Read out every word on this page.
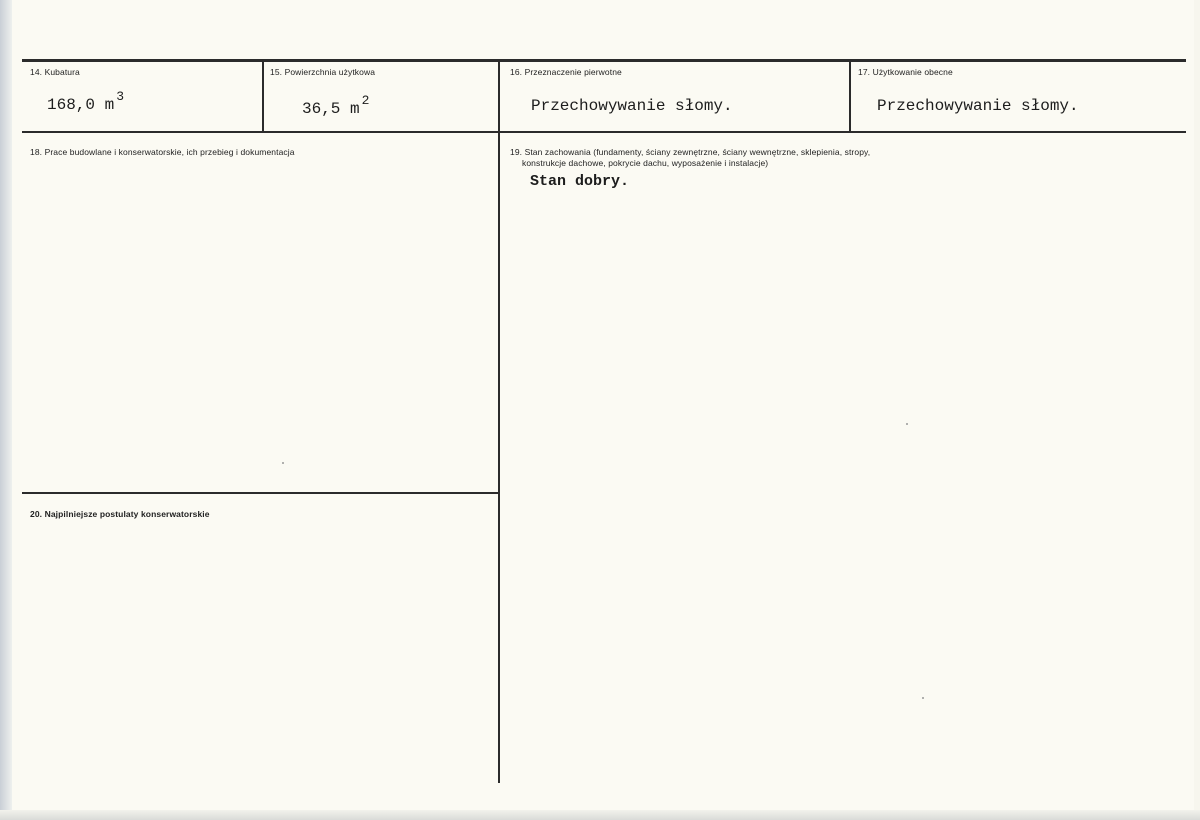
14. Kubatura
168,0 m $^3$
15. Powierzchnia użytkowa
36,5 m $^2$
16. Przeznaczenie pierwotne
Przechowywanie słomy.
17. Użytkowanie obecne
Przechowywanie słomy.
18. Prace budowlane i konserwatorskie, ich przebieg i dokumentacja	19. Stan zachowania (fundamenty, ściany zewnętrzne, ściany wewnętrzne, sklepienia, stropy,
konstrukcje dachowe, pokrycie dachu, wyposażenie i instalacje)
Stan dobry.
20. Najpilniejsze postulaty konserwatorskie
